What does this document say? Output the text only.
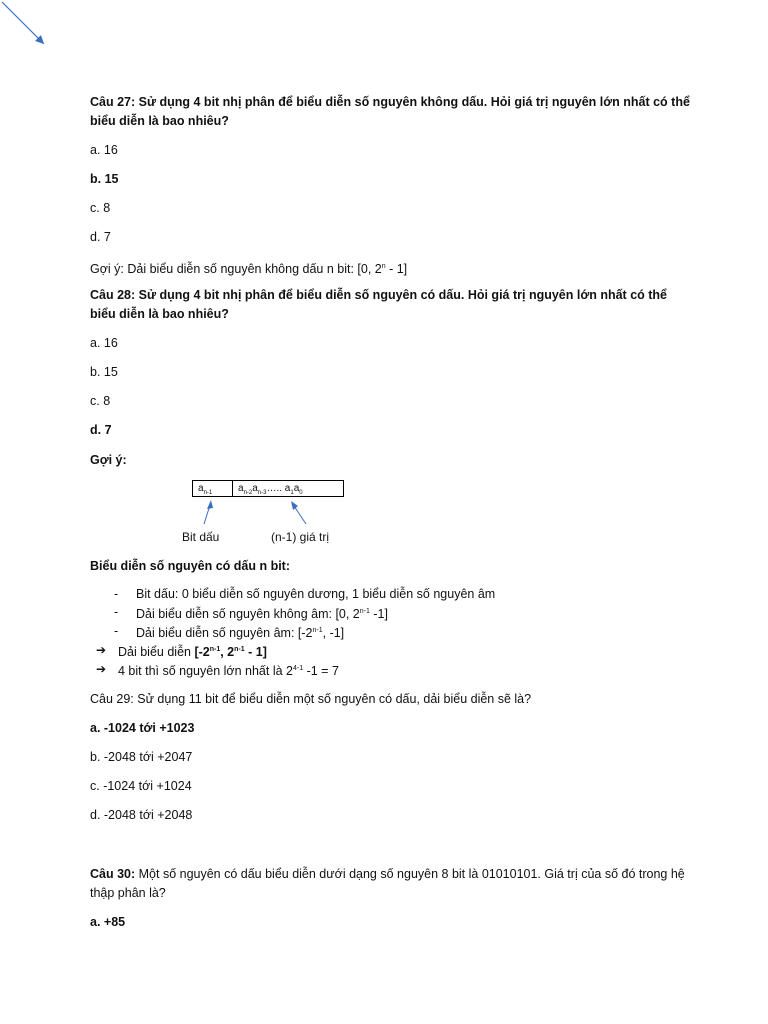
Câu 27: Sử dụng 4 bit nhị phân để biểu diễn số nguyên không dấu. Hỏi giá trị nguyên lớn nhất có thể biểu diễn là bao nhiêu?
a. 16
b. 15
c. 8
d. 7
Gợi ý: Dải biểu diễn số nguyên không dấu n bit: [0, 2$^n$ - 1]
Câu 28: Sử dụng 4 bit nhị phân để biểu diễn số nguyên có dấu. Hỏi giá trị nguyên lớn nhất có thể biểu diễn là bao nhiêu?
a. 16
b. 15
c. 8
d. 7
Gợi ý:
$a_{n-1}$	$a_{n-2}a_{n-3}\dots$.. $a_1a_0$
Bit dấu	(n-1) giá trị
Biểu diễn số nguyên có dấu n bit:
- Bit dấu: 0 biểu diễn số nguyên dương, 1 biểu diễn số nguyên âm
- Dải biểu diễn số nguyên không âm: [0, 2$^{n-1}$ -1]
- Dải biểu diễn số nguyên âm: [-2$^{n-1}$, -1]
➔ Dải biểu diễn [-2$^{n-1}$, 2$^{n-1}$ - 1]
➔ 4 bit thì số nguyên lớn nhất là 2$^{4-1}$ -1 = 7
Câu 29: Sử dụng 11 bit để biểu diễn một số nguyên có dấu, dải biểu diễn sẽ là?
a. -1024 tới +1023
b. -2048 tới +2047
c. -1024 tới +1024
d. -2048 tới +2048
Câu 30: Một số nguyên có dấu biểu diễn dưới dạng số nguyên 8 bit là 01010101. Giá trị của số đó trong hệ thập phân là?
a. +85
